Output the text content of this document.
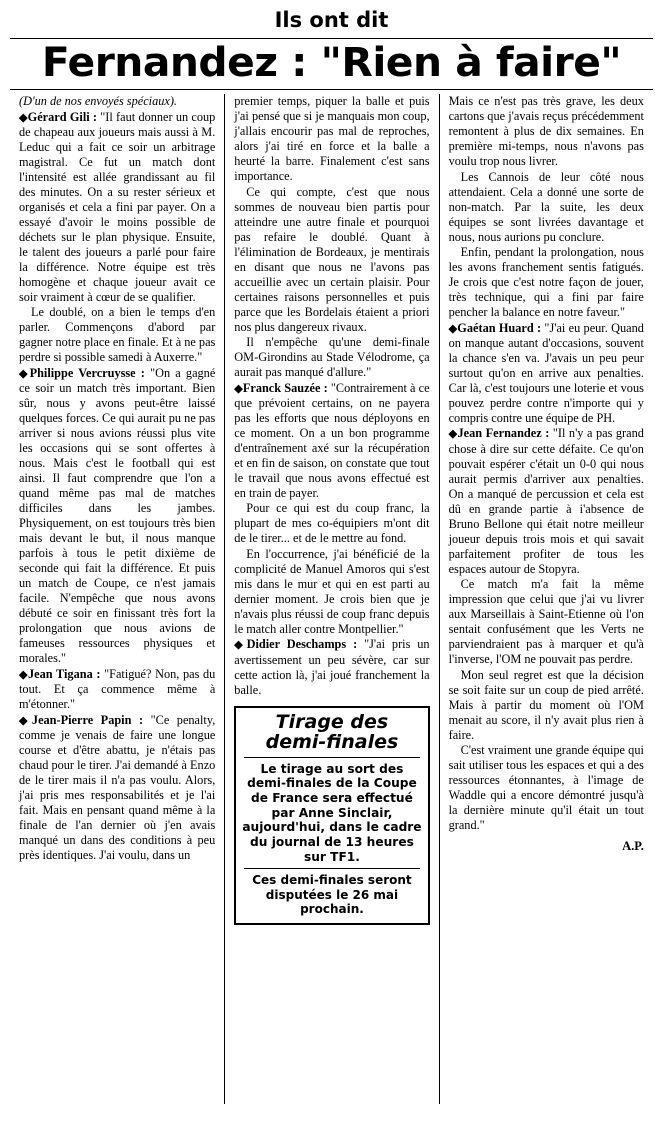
Ils ont dit
Fernandez : "Rien à faire"

(D'un de nos envoyés spéciaux).

◆Gérard Gili : "Il faut donner un coup de chapeau aux joueurs mais aussi à M. Leduc qui a fait ce soir un arbitrage magistral. Ce fut un match dont l'intensité est allée grandissant au fil des minutes. On a su rester sérieux et organisés et cela a fini par payer. On a essayé d'avoir le moins possible de déchets sur le plan physique. Ensuite, le talent des joueurs a parlé pour faire la différence. Notre équipe est très homogène et chaque joueur avait ce soir vraiment à cœur de se qualifier.

Le doublé, on a bien le temps d'en parler. Commençons d'abord par gagner notre place en finale. Et à ne pas perdre si possible samedi à Auxerre."

◆Philippe Vercruysse : "On a gagné ce soir un match très important. Bien sûr, nous y avons peut-être laissé quelques forces. Ce qui aurait pu ne pas arriver si nous avions réussi plus vite les occasions qui se sont offertes à nous. Mais c'est le football qui est ainsi. Il faut comprendre que l'on a quand même pas mal de matches difficiles dans les jambes. Physiquement, on est toujours très bien mais devant le but, il nous manque parfois à tous le petit dixième de seconde qui fait la différence. Et puis un match de Coupe, ce n'est jamais facile. N'empêche que nous avons débuté ce soir en finissant très fort la prolongation que nous avions de fameuses ressources physiques et morales."

◆Jean Tigana : "Fatigué? Non, pas du tout. Et ça commence même à m'étonner."

◆Jean-Pierre Papin : "Ce penalty, comme je venais de faire une longue course et d'être abattu, je n'étais pas chaud pour le tirer. J'ai demandé à Enzo de le tirer mais il n'a pas voulu. Alors, j'ai pris mes responsabilités et je l'ai fait. Mais en pensant quand même à la finale de l'an dernier où j'en avais manqué un dans des conditions à peu près identiques. J'ai voulu, dans un

premier temps, piquer la balle et puis j'ai pensé que si je manquais mon coup, j'allais encourir pas mal de reproches, alors j'ai tiré en force et la balle a heurté la barre. Finalement c'est sans importance.

Ce qui compte, c'est que nous sommes de nouveau bien partis pour atteindre une autre finale et pourquoi pas refaire le doublé. Quant à l'élimination de Bordeaux, je mentirais en disant que nous ne l'avons pas accueillie avec un certain plaisir. Pour certaines raisons personnelles et puis parce que les Bordelais étaient a priori nos plus dangereux rivaux.

Il n'empêche qu'une demi-finale OM-Girondins au Stade Vélodrome, ça aurait pas manqué d'allure."

◆Franck Sauzée : "Contrairement à ce que prévoient certains, on ne payera pas les efforts que nous déployons en ce moment. On a un bon programme d'entraînement axé sur la récupération et en fin de saison, on constate que tout le travail que nous avons effectué est en train de payer.

Pour ce qui est du coup franc, la plupart de mes co-équipiers m'ont dit de le tirer... et de le mettre au fond.

En l'occurrence, j'ai bénéficié de la complicité de Manuel Amoros qui s'est mis dans le mur et qui en est parti au dernier moment. Je crois bien que je n'avais plus réussi de coup franc depuis le match aller contre Montpellier."

◆Didier Deschamps : "J'ai pris un avertissement un peu sévère, car sur cette action là, j'ai joué franchement la balle.

Tirage des demi-finales
Le tirage au sort des demi-finales de la Coupe de France sera effectué par Anne Sinclair, aujourd'hui, dans le cadre du journal de 13 heures sur TF1.
Ces demi-finales seront disputées le 26 mai prochain.

Mais ce n'est pas très grave, les deux cartons que j'avais reçus précédemment remontent à plus de dix semaines. En première mi-temps, nous n'avons pas voulu trop nous livrer.

Les Cannois de leur côté nous attendaient. Cela a donné une sorte de non-match. Par la suite, les deux équipes se sont livrées davantage et nous, nous aurions pu conclure.

Enfin, pendant la prolongation, nous les avons franchement sentis fatigués. Je crois que c'est notre façon de jouer, très technique, qui a fini par faire pencher la balance en notre faveur."

◆Gaétan Huard : "J'ai eu peur. Quand on manque autant d'occasions, souvent la chance s'en va. J'avais un peu peur surtout qu'on en arrive aux penalties. Car là, c'est toujours une loterie et vous pouvez perdre contre n'importe qui y compris contre une équipe de PH.

◆Jean Fernandez : "Il n'y a pas grand chose à dire sur cette défaite. Ce qu'on pouvait espérer c'était un 0-0 qui nous aurait permis d'arriver aux penalties. On a manqué de percussion et cela est dû en grande partie à i'absence de Bruno Bellone qui était notre meilleur joueur depuis trois mois et qui savait parfaitement profiter de tous les espaces autour de Stopyra.

Ce match m'a fait la même impression que celui que j'ai vu livrer aux Marseillais à Saint-Etienne où l'on sentait confusément que les Verts ne parviendraient pas à marquer et qu'à l'inverse, l'OM ne pouvait pas perdre.

Mon seul regret est que la décision se soit faite sur un coup de pied arrêté. Mais à partir du moment où l'OM menait au score, il n'y avait plus rien à faire.

C'est vraiment une grande équipe qui sait utiliser tous les espaces et qui a des ressources étonnantes, à l'image de Waddle qui a encore démontré jusqu'à la dernière minute qu'il était un tout grand."

A.P.
